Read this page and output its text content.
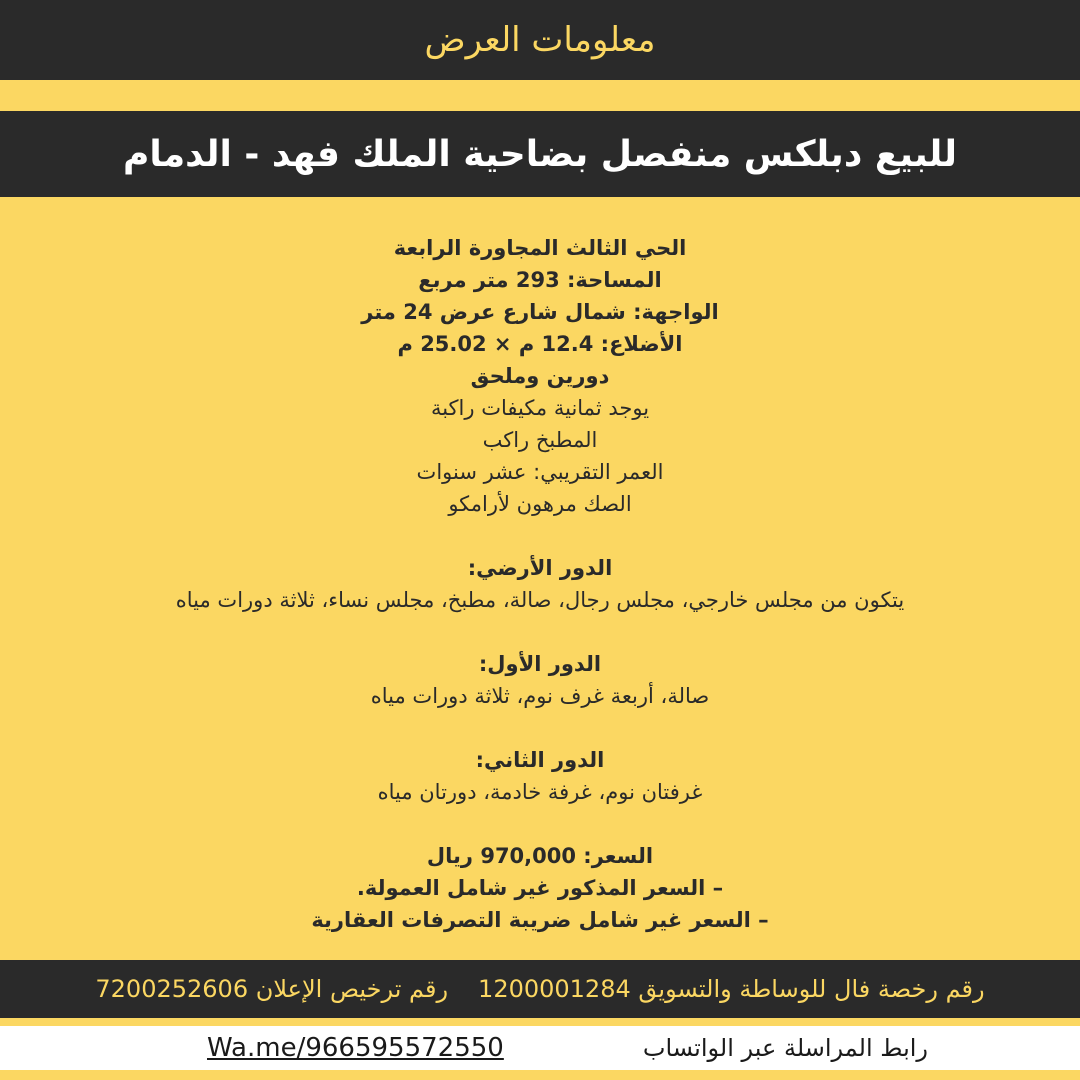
معلومات العرض
للبيع دبلكس منفصل بضاحية الملك فهد - الدمام
الحي الثالث المجاورة الرابعة
المساحة: 293 متر مربع
الواجهة: شمال شارع عرض 24 متر
الأضلاع: 12.4 م × 25.02 م
دورين وملحق
يوجد ثمانية مكيفات راكبة
المطبخ راكب
العمر التقريبي: عشر سنوات
الصك مرهون لأرامكو
الدور الأرضي:
يتكون من مجلس خارجي، مجلس رجال، صالة، مطبخ، مجلس نساء، ثلاثة دورات مياه
الدور الأول:
صالة، أربعة غرف نوم، ثلاثة دورات مياه
الدور الثاني:
غرفتان نوم، غرفة خادمة، دورتان مياه
السعر: 970,000 ريال
– السعر المذكور غير شامل العمولة.
– السعر غير شامل ضريبة التصرفات العقارية
رقم رخصة فال للوساطة والتسويق 1200001284
رقم ترخيص الإعلان 7200252606
رابط المراسلة عبر الواتساب
Wa.me/966595572550
